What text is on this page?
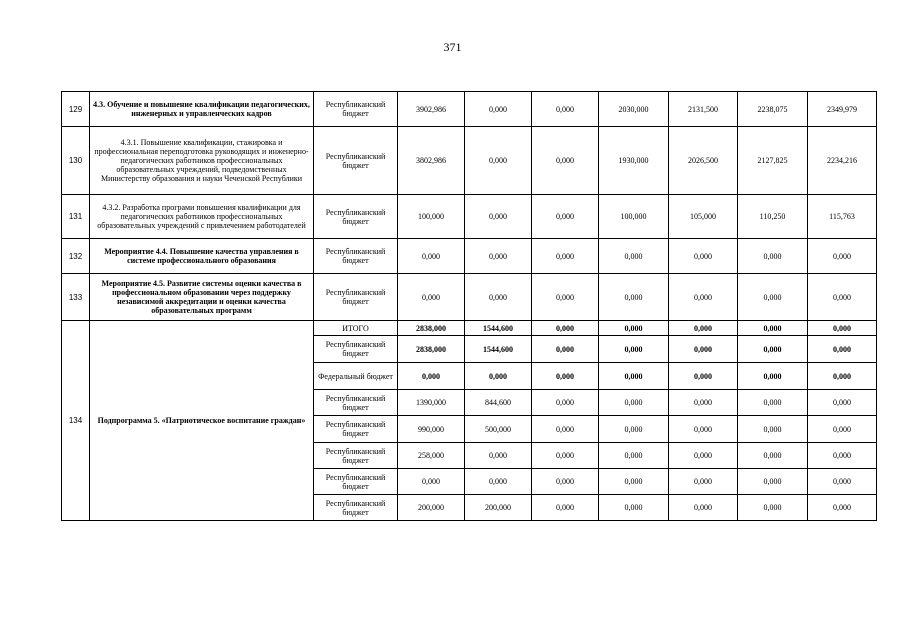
371
129	4.3. Обучение и повышение квалификации педагогических, инженерных и управленческих кадров	Республиканский бюджет	3902,986	0,000	0,000	2030,000	2131,500	2238,075	2349,979
130	4.3.1. Повышение квалификации, стажировка и профессиональная переподготовка руководящих и инженерно-педагогических работников профессиональных образовательных учреждений, подведомственных Министерству образования и науки Чеченской Республики	Республиканский бюджет	3802,986	0,000	0,000	1930,000	2026,500	2127,825	2234,216
131	4.3.2. Разработка програми повышения квалификации для педагогических работников профессиональных образовательных учреждений с привлечением работодателей	Республиканский бюджет	100,000	0,000	0,000	100,000	105,000	110,250	115,763
132	Мероприятие 4.4. Повышение качества управления в системе профессионального образования	Республиканский бюджет	0,000	0,000	0,000	0,000	0,000	0,000	0,000
133	Мероприятие 4.5. Развитие системы оценки качества в профессиональном образовании через поддержку независимой аккредитации и оценки качества образовательных программ	Республиканский бюджет	0,000	0,000	0,000	0,000	0,000	0,000	0,000
134	Подпрограмма 5. «Патриотическое воспитание граждан»	ИТОГО	2838,000	1544,600	0,000	0,000	0,000	0,000	0,000
		Республиканский бюджет	2838,000	1544,600	0,000	0,000	0,000	0,000	0,000
		Федеральный бюджет	0,000	0,000	0,000	0,000	0,000	0,000	0,000
		Республиканский бюджет	1390,000	844,600	0,000	0,000	0,000	0,000	0,000
		Республиканский бюджет	990,000	500,000	0,000	0,000	0,000	0,000	0,000
		Республиканский бюджет	258,000	0,000	0,000	0,000	0,000	0,000	0,000
		Республиканский бюджет	0,000	0,000	0,000	0,000	0,000	0,000	0,000
		Республиканский бюджет	200,000	200,000	0,000	0,000	0,000	0,000	0,000
